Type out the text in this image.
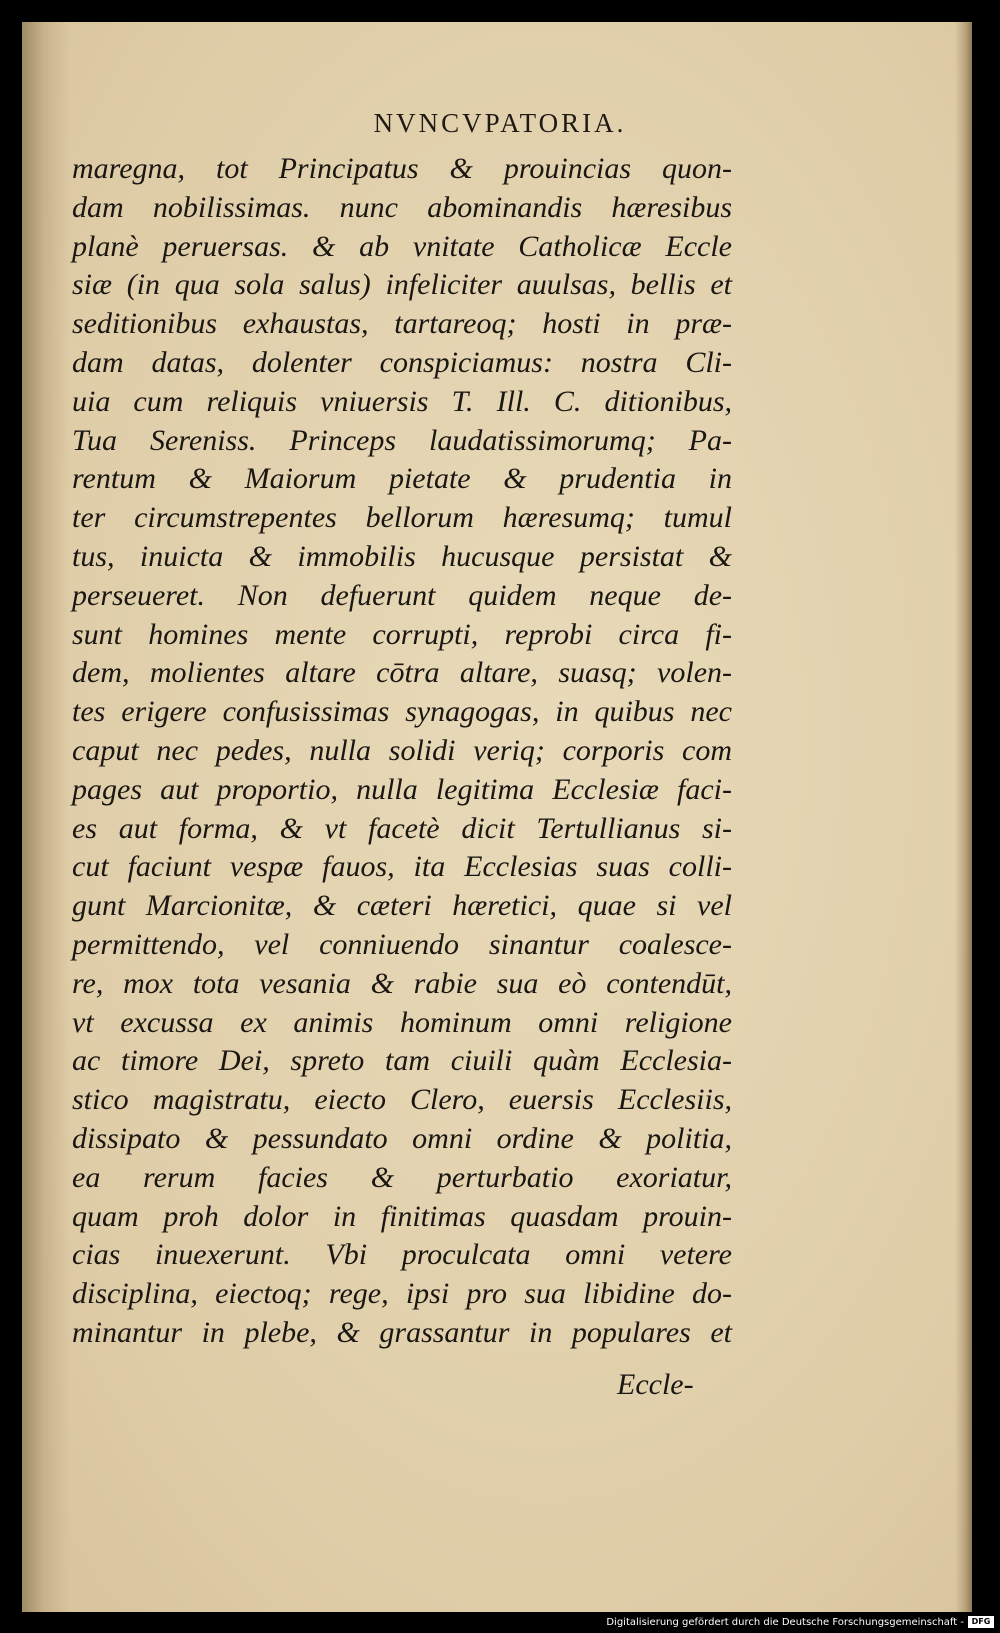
NVNCVPATORIA.
maregna, tot Principatus & prouincias quon-
dam nobilissimas. nunc abominandis hæresibus
planè peruersas. & ab vnitate Catholicæ Eccle
siæ (in qua sola salus) infeliciter auulsas, bellis et
seditionibus exhaustas, tartareoq; hosti in præ-
dam datas, dolenter conspiciamus: nostra Cli-
uia cum reliquis vniuersis T. Ill. C. ditionibus,
Tua Sereniss. Princeps laudatissimorumq; Pa-
rentum & Maiorum pietate & prudentia in
ter circumstrepentes bellorum hæresumq; tumul
tus, inuicta & immobilis hucusque persistat &
perseueret. Non defuerunt quidem neque de-
sunt homines mente corrupti, reprobi circa fi-
dem, molientes altare cōtra altare, suasq; volen-
tes erigere confusissimas synagogas, in quibus nec
caput nec pedes, nulla solidi veriq; corporis com
pages aut proportio, nulla legitima Ecclesiæ faci-
es aut forma, & vt facetè dicit Tertullianus si-
cut faciunt vespæ fauos, ita Ecclesias suas colli-
gunt Marcionitæ, & cæteri hæretici, quae si vel
permittendo, vel conniuendo sinantur coalesce-
re, mox tota vesania & rabie sua eò contendūt,
vt excussa ex animis hominum omni religione
ac timore Dei, spreto tam ciuili quàm Ecclesia-
stico magistratu, eiecto Clero, euersis Ecclesiis,
dissipato & pessundato omni ordine & politia,
ea rerum facies & perturbatio exoriatur,
quam proh dolor in finitimas quasdam prouin-
cias inuexerunt. Vbi proculcata omni vetere
disciplina, eiectoq; rege, ipsi pro sua libidine do-
minantur in plebe, & grassantur in populares et
Eccle-
Digitalisierung gefördert durch die Deutsche Forschungsgemeinschaft - DFG
